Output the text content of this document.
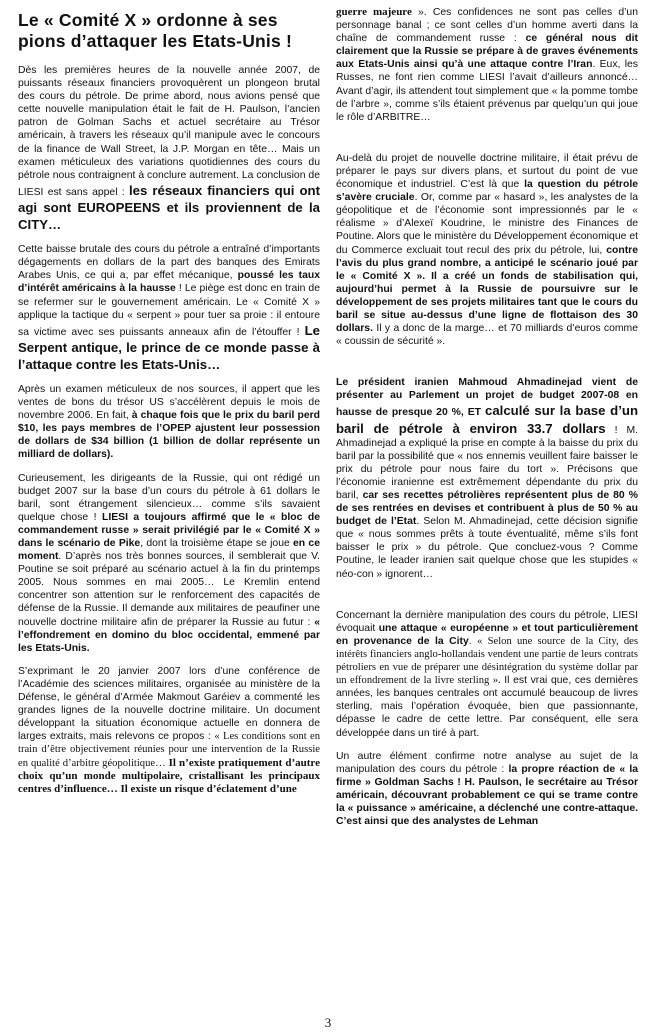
Le « Comité X » ordonne à ses pions d’attaquer les Etats-Unis !

Dès les premières heures de la nouvelle année 2007, de puissants réseaux financiers provoquèrent un plongeon brutal des cours du pétrole. De prime abord, nous avions pensé que cette nouvelle manipulation était le fait de H. Paulson, l’ancien patron de Golman Sachs et actuel secrétaire au Trésor américain, à travers les réseaux qu’il manipule avec le concours de la finance de Wall Street, la J.P. Morgan en tête… Mais un examen méticuleux des variations quotidiennes des cours du pétrole nous contraignent à conclure autrement. La conclusion de LIESI est sans appel : les réseaux financiers qui ont agi sont EUROPEENS et ils proviennent de la CITY…

Cette baisse brutale des cours du pétrole a entraîné d’importants dégagements en dollars de la part des banques des Emirats Arabes Unis, ce qui a, par effet mécanique, poussé les taux d’intérêt américains à la hausse ! Le piège est donc en train de se refermer sur le gouvernement américain. Le « Comité X » applique la tactique du « serpent » pour tuer sa proie : il entoure sa victime avec ses puissants anneaux afin de l’étouffer ! Le Serpent antique, le prince de ce monde passe à l’attaque contre les Etats-Unis…

Après un examen méticuleux de nos sources, il appert que les ventes de bons du trésor US s’accélèrent depuis le mois de novembre 2006. En fait, à chaque fois que le prix du baril perd $10, les pays membres de l’OPEP ajustent leur possession de dollars de $34 billion (1 billion de dollar représente un milliard de dollars).

Curieusement, les dirigeants de la Russie, qui ont rédigé un budget 2007 sur la base d’un cours du pétrole à 61 dollars le baril, sont étrangement silencieux… comme s’ils savaient quelque chose ! LIESI a toujours affirmé que le « bloc de commandement russe » serait privilégié par le « Comité X » dans le scénario de Pike, dont la troisième étape se joue en ce moment. D’après nos très bonnes sources, il semblerait que V. Poutine se soit préparé au scénario actuel à la fin du printemps 2005. Nous sommes en mai 2005… Le Kremlin entend concentrer son attention sur le renforcement des capacités de défense de la Russie. Il demande aux militaires de peaufiner une nouvelle doctrine militaire afin de préparer la Russie au futur : « l’effondrement en domino du bloc occidental, emmené par les Etats-Unis.

S’exprimant le 20 janvier 2007 lors d’une conférence de l’Académie des sciences militaires, organisée au ministère de la Défense, le général d’Armée Makmout Garéiev a commenté les grandes lignes de la nouvelle doctrine militaire. Un document développant la situation économique actuelle en donnera de larges extraits, mais relevons ce propos : « Les conditions sont en train d’être objectivement réunies pour une intervention de la Russie en qualité d’arbitre géopolitique… Il n’existe pratiquement d’autre choix qu’un monde multipolaire, cristallisant les principaux centres d’influence… Il existe un risque d’éclatement d’une

guerre majeure ». Ces confidences ne sont pas celles d’un personnage banal ; ce sont celles d’un homme averti dans la chaîne de commandement russe : ce général nous dit clairement que la Russie se prépare à de graves événements aux Etats-Unis ainsi qu’à une attaque contre l’Iran. Eux, les Russes, ne font rien comme LIESI l’avait d’ailleurs annoncé… Avant d’agir, ils attendent tout simplement que « la pomme tombe de l’arbre », comme s’ils étaient prévenus par quelqu’un qui joue le rôle d’ARBITRE…

Au-delà du projet de nouvelle doctrine militaire, il était prévu de préparer le pays sur divers plans, et surtout du point de vue économique et industriel. C’est là que la question du pétrole s’avère cruciale. Or, comme par « hasard », les analystes de la géopolitique et de l’économie sont impressionnés par le « réalisme » d’Alexeï Koudrine, le ministre des Finances de Poutine. Alors que le ministère du Développement économique et du Commerce excluait tout recul des prix du pétrole, lui, contre l’avis du plus grand nombre, a anticipé le scénario joué par le « Comité X ». Il a créé un fonds de stabilisation qui, aujourd’hui permet à la Russie de poursuivre sur le développement de ses projets militaires tant que le cours du baril se situe au-dessus d’une ligne de flottaison des 30 dollars. Il y a donc de la marge… et 70 milliards d’euros comme « coussin de sécurité ».

Le président iranien Mahmoud Ahmadinejad vient de présenter au Parlement un projet de budget 2007-08 en hausse de presque 20 %, ET calculé sur la base d’un baril de pétrole à environ 33.7 dollars ! M. Ahmadinejad a expliqué la prise en compte à la baisse du prix du baril par la possibilité que « nos ennemis veuillent faire baisser le prix du pétrole pour nous faire du tort ». Précisons que l’économie iranienne est extrêmement dépendante du prix du baril, car ses recettes pétrolières représentent plus de 80 % de ses rentrées en devises et contribuent à plus de 50 % au budget de l’Etat. Selon M. Ahmadinejad, cette décision signifie que « nous sommes prêts à toute éventualité, même s’ils font baisser le prix » du pétrole. Que concluez-vous ? Comme Poutine, le leader iranien sait quelque chose que les stupides « néo-con » ignorent…

Concernant la dernière manipulation des cours du pétrole, LIESI évoquait une attaque « européenne » et tout particulièrement en provenance de la City. « Selon une source de la City, des intérêts financiers anglo-hollandais vendent une partie de leurs contrats pétroliers en vue de préparer une désintégration du système dollar par un effondrement de la livre sterling ». Il est vrai que, ces dernières années, les banques centrales ont accumulé beaucoup de livres sterling, mais l’opération évoquée, bien que passionnante, dépasse le cadre de cette lettre. Par conséquent, elle sera développée dans un tiré à part.

Un autre élément confirme notre analyse au sujet de la manipulation des cours du pétrole : la propre réaction de « la firme » Goldman Sachs ! H. Paulson, le secrétaire au Trésor américain, découvrant probablement ce qui se trame contre la « puissance » américaine, a déclenché une contre-attaque. C’est ainsi que des analystes de Lehman

3
